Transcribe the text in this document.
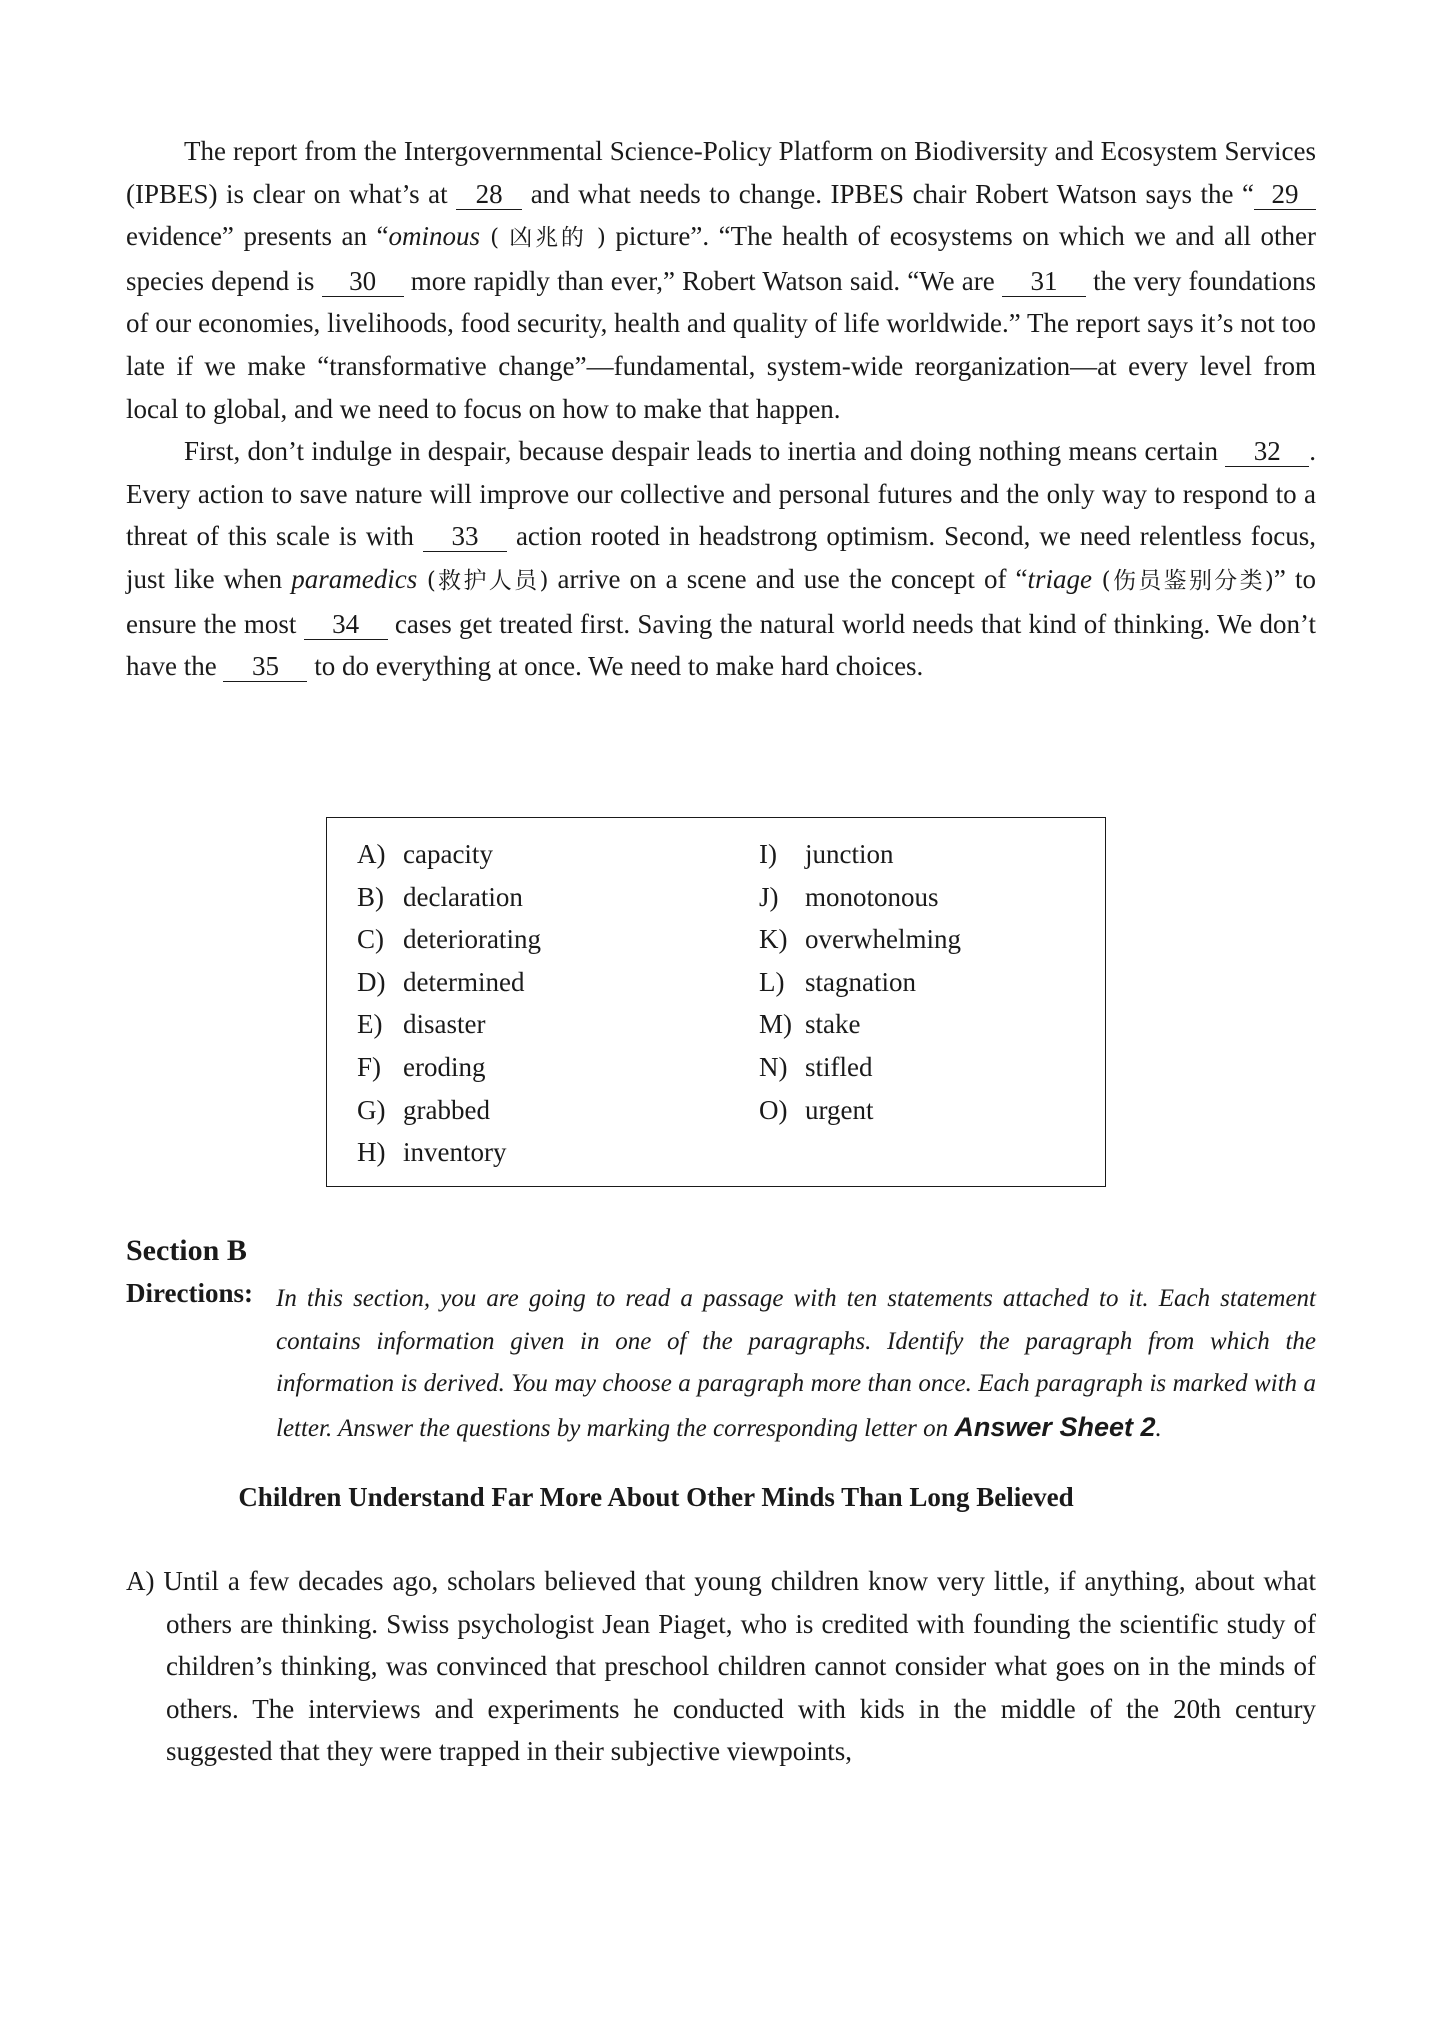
The report from the Intergovernmental Science-Policy Platform on Biodiversity and Ecosystem Services (IPBES) is clear on what’s at 28 and what needs to change. IPBES chair Robert Watson says the “ 29 evidence” presents an “ominous ( 凶兆的 ) picture”. “The health of ecosystems on which we and all other species depend is 30 more rapidly than ever,” Robert Watson said. “We are 31 the very foundations of our economies, livelihoods, food security, health and quality of life worldwide.” The report says it’s not too late if we make “transformative change”—fundamental, system-wide reorganization—at every level from local to global, and we need to focus on how to make that happen.

First, don’t indulge in despair, because despair leads to inertia and doing nothing means certain 32 . Every action to save nature will improve our collective and personal futures and the only way to respond to a threat of this scale is with 33 action rooted in headstrong optimism. Second, we need relentless focus, just like when paramedics (救护人员) arrive on a scene and use the concept of “triage (伤员鉴别分类)” to ensure the most 34 cases get treated first. Saving the natural world needs that kind of thinking. We don’t have the 35 to do everything at once. We need to make hard choices.

A) capacity
B) declaration
C) deteriorating
D) determined
E) disaster
F) eroding
G) grabbed
H) inventory
I) junction
J) monotonous
K) overwhelming
L) stagnation
M) stake
N) stifled
O) urgent
Section B
Directions: In this section, you are going to read a passage with ten statements attached to it. Each statement contains information given in one of the paragraphs. Identify the paragraph from which the information is derived. You may choose a paragraph more than once. Each paragraph is marked with a letter. Answer the questions by marking the corresponding letter on Answer Sheet 2.
Children Understand Far More About Other Minds Than Long Believed

A) Until a few decades ago, scholars believed that young children know very little, if anything, about what others are thinking. Swiss psychologist Jean Piaget, who is credited with founding the scientific study of children’s thinking, was convinced that preschool children cannot consider what goes on in the minds of others. The interviews and experiments he conducted with kids in the middle of the 20th century suggested that they were trapped in their subjective viewpoints,
